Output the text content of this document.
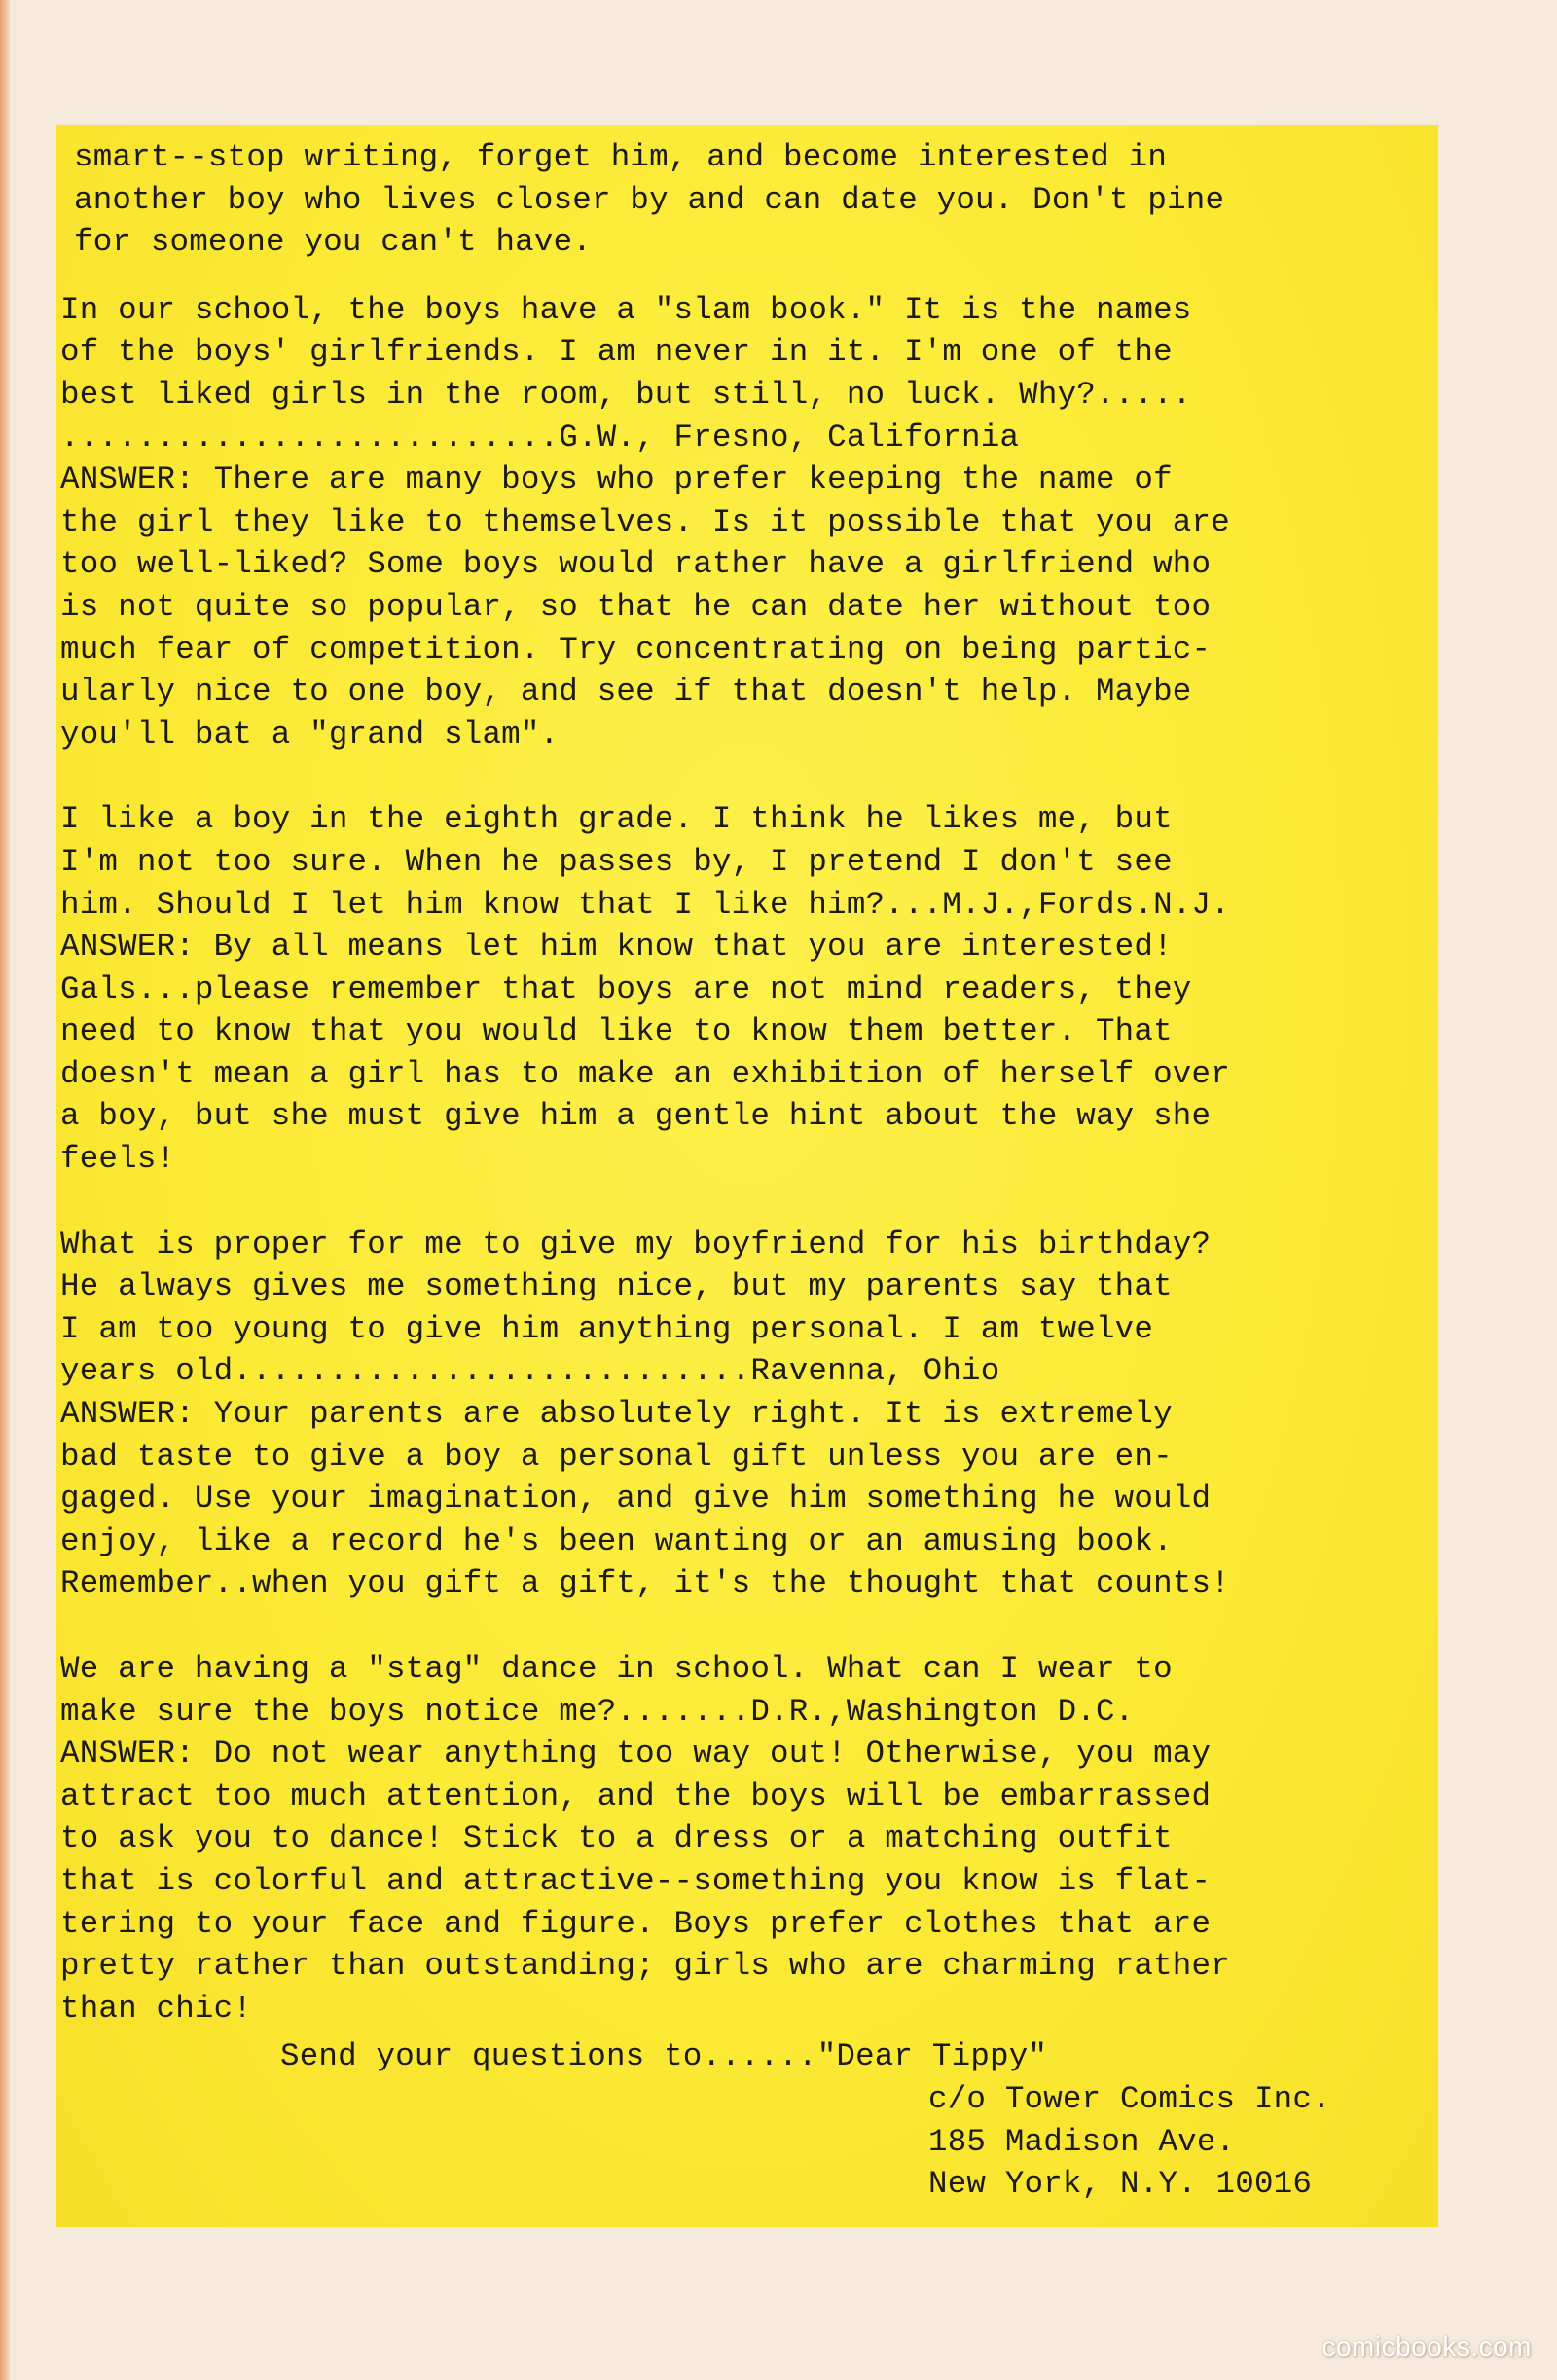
smart--stop writing, forget him, and become interested in
another boy who lives closer by and can date you. Don't pine
for someone you can't have.
In our school, the boys have a "slam book." It is the names
of the boys' girlfriends. I am never in it. I'm one of the
best liked girls in the room, but still, no luck. Why?.....
..........................G.W., Fresno, California
ANSWER: There are many boys who prefer keeping the name of
the girl they like to themselves. Is it possible that you are
too well-liked? Some boys would rather have a girlfriend who
is not quite so popular, so that he can date her without too
much fear of competition. Try concentrating on being partic-
ularly nice to one boy, and see if that doesn't help. Maybe
you'll bat a "grand slam".
I like a boy in the eighth grade. I think he likes me, but
I'm not too sure. When he passes by, I pretend I don't see
him. Should I let him know that I like him?...M.J.,Fords.N.J.
ANSWER: By all means let him know that you are interested!
Gals...please remember that boys are not mind readers, they
need to know that you would like to know them better. That
doesn't mean a girl has to make an exhibition of herself over
a boy, but she must give him a gentle hint about the way she
feels!
What is proper for me to give my boyfriend for his birthday?
He always gives me something nice, but my parents say that
I am too young to give him anything personal. I am twelve
years old...........................Ravenna, Ohio
ANSWER: Your parents are absolutely right. It is extremely
bad taste to give a boy a personal gift unless you are en-
gaged. Use your imagination, and give him something he would
enjoy, like a record he's been wanting or an amusing book.
Remember..when you gift a gift, it's the thought that counts!
We are having a "stag" dance in school. What can I wear to
make sure the boys notice me?.......D.R.,Washington D.C.
ANSWER: Do not wear anything too way out! Otherwise, you may
attract too much attention, and the boys will be embarrassed
to ask you to dance! Stick to a dress or a matching outfit
that is colorful and attractive--something you know is flat-
tering to your face and figure. Boys prefer clothes that are
pretty rather than outstanding; girls who are charming rather
than chic!
Send your questions to......"Dear Tippy"
c/o Tower Comics Inc.
185 Madison Ave.
New York, N.Y. 10016
comicbooks.com
